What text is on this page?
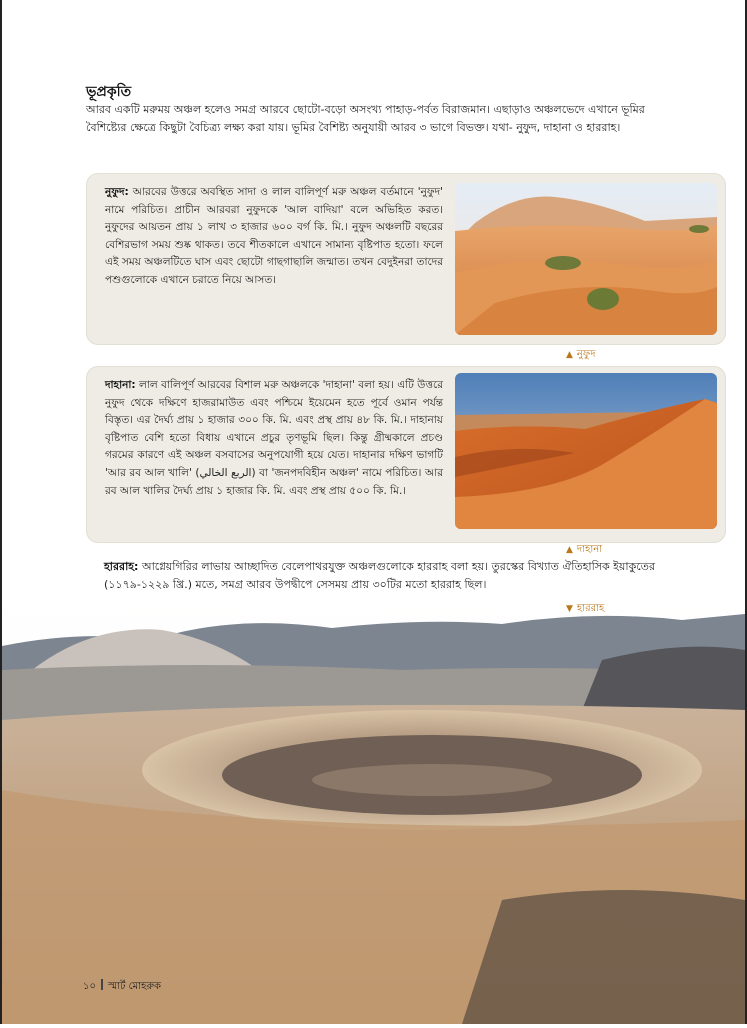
ভূপ্রকৃতি
আরব একটি মরুময় অঞ্চল হলেও সমগ্র আরবে ছোটো-বড়ো অসংখ্য পাহাড়-পর্বত বিরাজমান। এছাড়াও অঞ্চলভেদে এখানে ভূমির বৈশিষ্ট্যের ক্ষেত্রে কিছুটা বৈচিত্র্য লক্ষ্য করা যায়। ভূমির বৈশিষ্ট্য অনুযায়ী আরব ৩ ভাগে বিভক্ত। যথা- নুফুদ, দাহানা ও হাররাহ।
নুফুদ: আরবের উত্তরে অবস্থিত সাদা ও লাল বালিপূর্ণ মরু অঞ্চল বর্তমানে 'নুফুদ' নামে পরিচিত। প্রাচীন আরবরা নুফুদকে 'আল বাদিয়া' বলে অভিহিত করত। নুফুদের আয়তন প্রায় ১ লাখ ৩ হাজার ৬০০ বর্গ কি. মি.। নুফুদ অঞ্চলটি বছরের বেশিরভাগ সময় শুষ্ক থাকত। তবে শীতকালে এখানে সামান্য বৃষ্টিপাত হতো। ফলে এই সময় অঞ্চলটিতে ঘাস এবং ছোটো গাছগাছালি জন্মাত। তখন বেদুইনরা তাদের পশুগুলোকে এখানে চরাতে নিয়ে আসত।
▲ নুফুদ
দাহানা: লাল বালিপূর্ণ আরবের বিশাল মরু অঞ্চলকে 'দাহানা' বলা হয়। এটি উত্তরে নুফুদ থেকে দক্ষিণে হাজরামাউত এবং পশ্চিমে ইয়েমেন হতে পূর্বে ওমান পর্যন্ত বিস্তৃত। এর দৈর্ঘ্য প্রায় ১ হাজার ৩০০ কি. মি. এবং প্রস্থ প্রায় ৪৮ কি. মি.। দাহানায় বৃষ্টিপাত বেশি হতো বিধায় এখানে প্রচুর তৃণভূমি ছিল। কিন্তু গ্রীষ্মকালে প্রচণ্ড গরমের কারণে এই অঞ্চল বসবাসের অনুপযোগী হয়ে যেত। দাহানার দক্ষিণ ভাগটি 'আর রব আল খালি' (الربع الخالي) বা 'জনপদবিহীন অঞ্চল' নামে পরিচিত। আর রব আল খালির দৈর্ঘ্য প্রায় ১ হাজার কি. মি. এবং প্রস্থ প্রায় ৫০০ কি. মি.।
▲ দাহানা
হাররাহ: আগ্নেয়গিরির লাভায় আচ্ছাদিত বেলেপাথরযুক্ত অঞ্চলগুলোকে হাররাহ বলা হয়। তুরস্কের বিখ্যাত ঐতিহাসিক ইয়াকুতের (১১৭৯-১২২৯ খ্রি.) মতে, সমগ্র আরব উপদ্বীপে সেসময় প্রায় ৩০টির মতো হাররাহ ছিল।
▼ হাররাহ
১০ স্মার্ট মোহরুক
